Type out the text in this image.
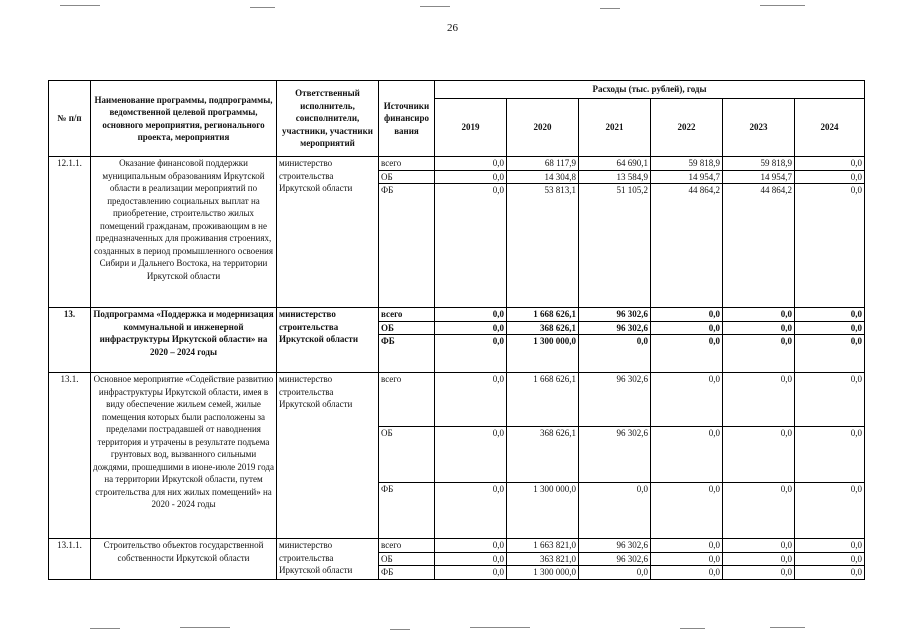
26
№ п/п	Наименование программы, подпрограммы, ведомственной целевой программы, основного мероприятия, регионального проекта, мероприятия	Ответственный исполнитель, соисполнители, участники, участники мероприятий	Источники финансиро вания	Расходы (тыс. рублей), годы					
				2019	2020	2021	2022	2023	2024
12.1.1.	Оказание финансовой поддержки муниципальным образованиям Иркутской области в реализации мероприятий по предоставлению социальных выплат на приобретение, строительство жилых помещений гражданам, проживающим в не предназначенных для проживания строениях, созданных в период промышленного освоения Сибири и Дальнего Востока, на территории Иркутской области	министерство строительства Иркутской области	всего	0,0	68 117,9	64 690,1	59 818,9	59 818,9	0,0
			ОБ	0,0	14 304,8	13 584,9	14 954,7	14 954,7	0,0
			ФБ	0,0	53 813,1	51 105,2	44 864,2	44 864,2	0,0
13.	Подпрограмма «Поддержка и модернизация коммунальной и инженерной инфраструктуры Иркутской области» на 2020 – 2024 годы	министерство строительства Иркутской области	всего	0,0	1 668 626,1	96 302,6	0,0	0,0	0,0
			ОБ	0,0	368 626,1	96 302,6	0,0	0,0	0,0
			ФБ	0,0	1 300 000,0	0,0	0,0	0,0	0,0
13.1.	Основное мероприятие «Содействие развитию инфраструктуры Иркутской области, имея в виду обеспечение жильем семей, жилые помещения которых были расположены за пределами пострадавшей от наводнения территория и утрачены в результате подъема грунтовых вод, вызванного сильными дождями, прошедшими в июне-июле 2019 года на территории Иркутской области, путем строительства для них жилых помещений» на 2020 - 2024 годы	министерство строительства Иркутской области	всего	0,0	1 668 626,1	96 302,6	0,0	0,0	0,0
			ОБ	0,0	368 626,1	96 302,6	0,0	0,0	0,0
			ФБ	0,0	1 300 000,0	0,0	0,0	0,0	0,0
13.1.1.	Строительство объектов государственной собственности Иркутской области	министерство строительства Иркутской области	всего	0,0	1 663 821,0	96 302,6	0,0	0,0	0,0
			ОБ	0,0	363 821,0	96 302,6	0,0	0,0	0,0
			ФБ	0,0	1 300 000,0	0,0	0,0	0,0	0,0
